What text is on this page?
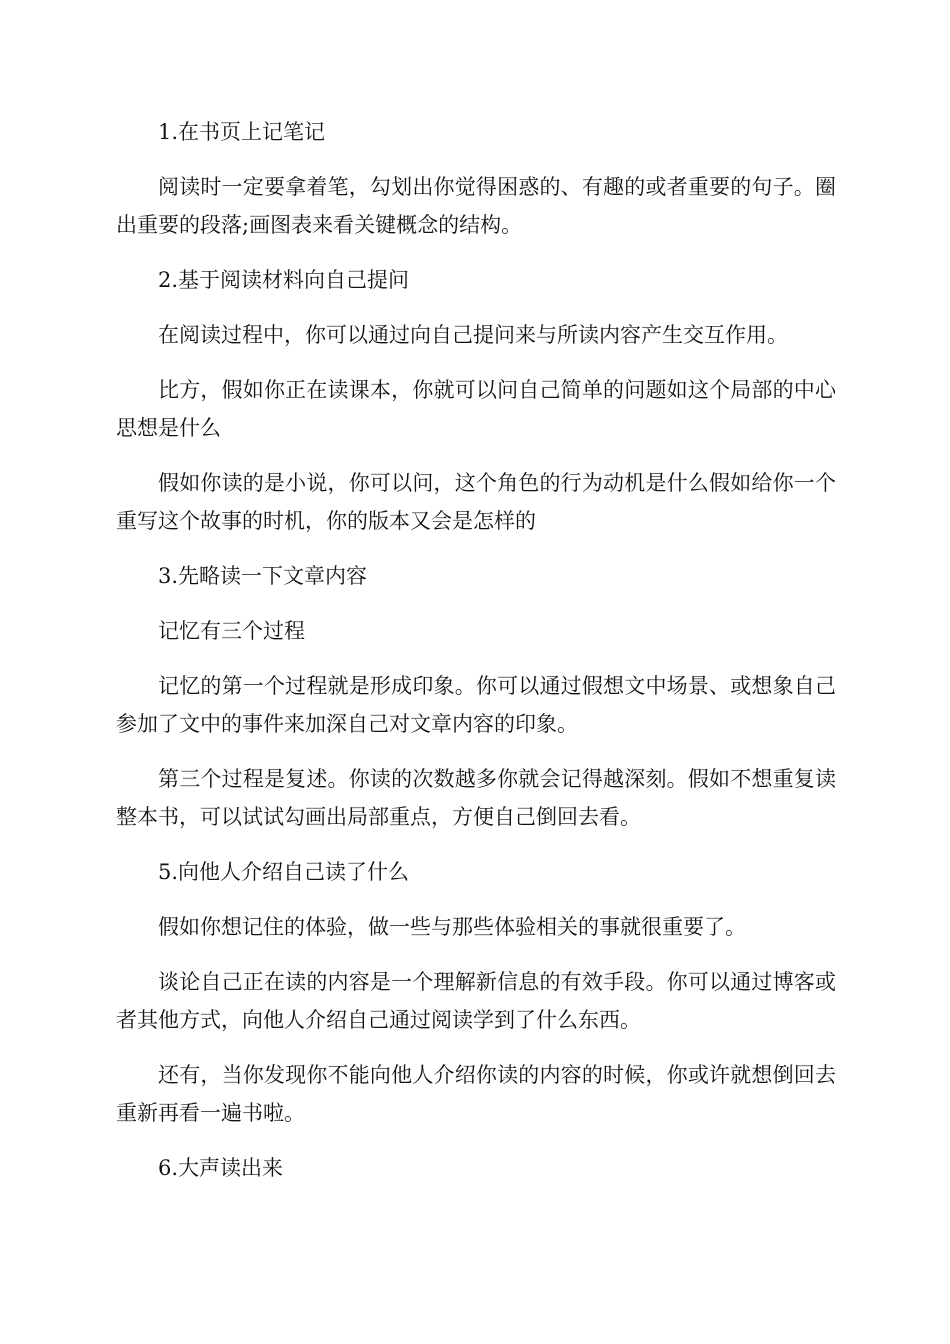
1.在书页上记笔记

阅读时一定要拿着笔，勾划出你觉得困惑的、有趣的或者重要的句子。圈出重要的段落;画图表来看关键概念的结构。

2.基于阅读材料向自己提问

在阅读过程中，你可以通过向自己提问来与所读内容产生交互作用。

比方，假如你正在读课本，你就可以问自己简单的问题如这个局部的中心思想是什么

假如你读的是小说，你可以问，这个角色的行为动机是什么假如给你一个重写这个故事的时机，你的版本又会是怎样的

3.先略读一下文章内容

记忆有三个过程

记忆的第一个过程就是形成印象。你可以通过假想文中场景、或想象自己参加了文中的事件来加深自己对文章内容的印象。

第三个过程是复述。你读的次数越多你就会记得越深刻。假如不想重复读整本书，可以试试勾画出局部重点，方便自己倒回去看。

5.向他人介绍自己读了什么

假如你想记住的体验，做一些与那些体验相关的事就很重要了。

谈论自己正在读的内容是一个理解新信息的有效手段。你可以通过博客或者其他方式，向他人介绍自己通过阅读学到了什么东西。

还有，当你发现你不能向他人介绍你读的内容的时候，你或许就想倒回去重新再看一遍书啦。

6.大声读出来
